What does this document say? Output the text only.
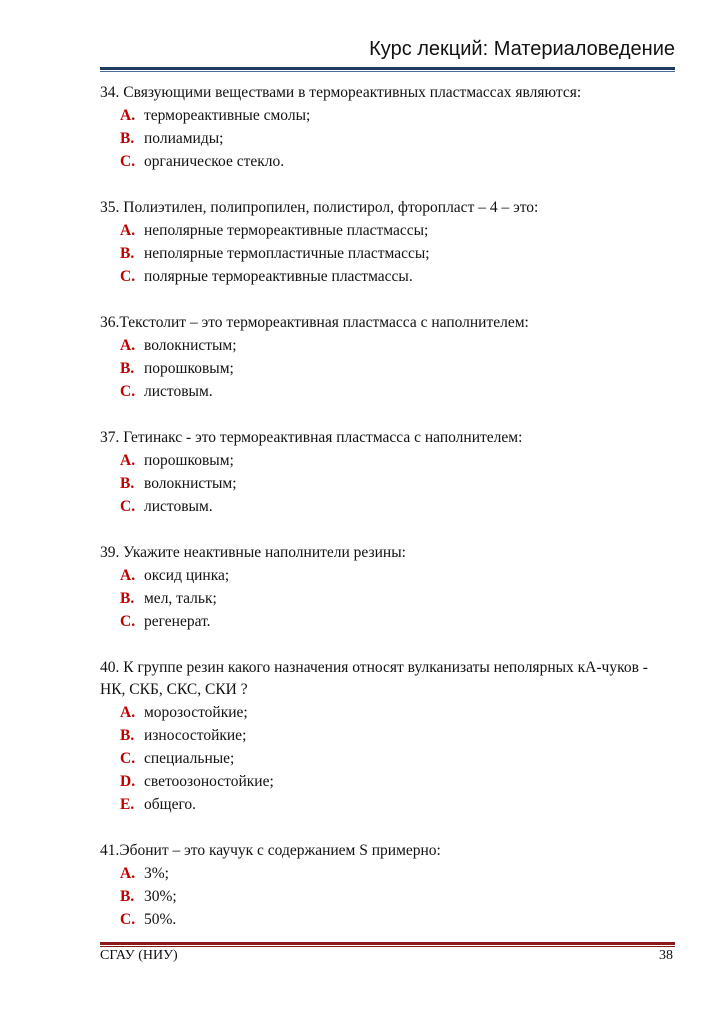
Курс лекций: Материаловедение

34. Связующими веществами в термореактивных пластмассах являются:

A. термореактивные смолы;
B. полиамиды;
C. органическое стекло.

35. Полиэтилен, полипропилен, полистирол, фторопласт – 4 – это:

A. неполярные термореактивные пластмассы;
B. неполярные термопластичные пластмассы;
C. полярные термореактивные пластмассы.

36.Текстолит – это термореактивная пластмасса с наполнителем:

A. волокнистым;
B. порошковым;
C. листовым.

37. Гетинакс - это термореактивная пластмасса с наполнителем:

A. порошковым;
B. волокнистым;
C. листовым.

39. Укажите неактивные наполнители резины:

A. оксид цинка;
B. мел, тальк;
C. регенерат.

40. К группе резин какого назначения относят вулканизаты неполярных кА-чуков - НК, СКБ, СКС, СКИ ?

A. морозостойкие;
B. износостойкие;
C. специальные;
D. светоозоностойкие;
E. общего.

41.Эбонит – это каучук с содержанием S примерно:

A. 3%;
B. 30%;
C. 50%.
СГАУ (НИУ)	38
